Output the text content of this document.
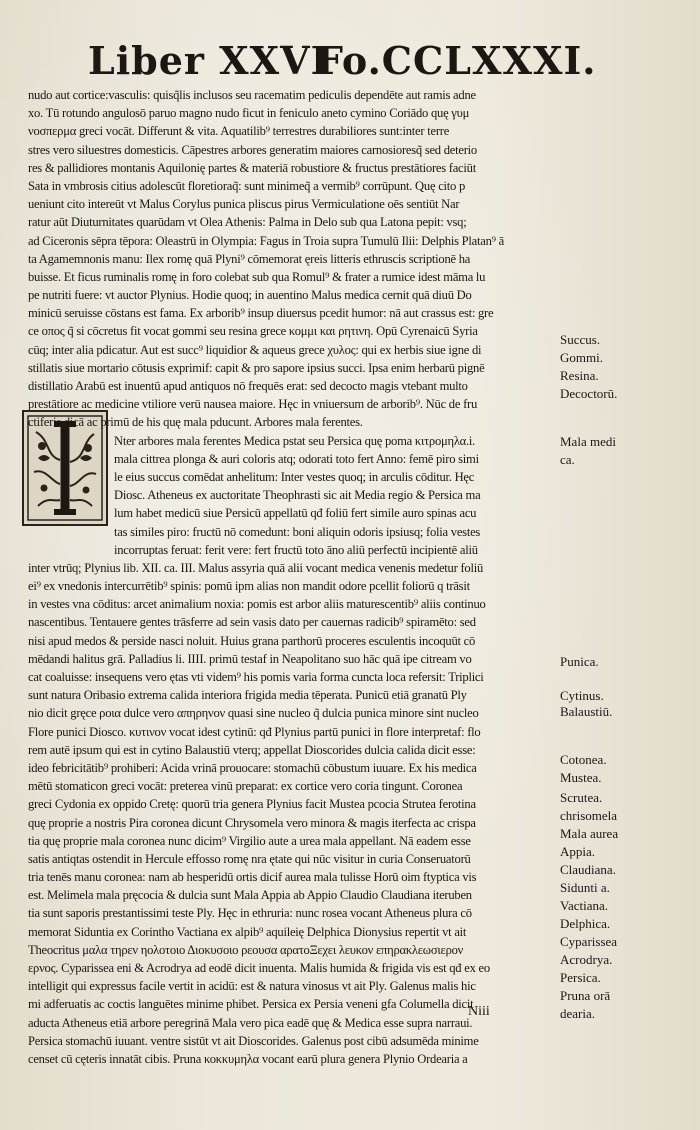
Liber XXVI
Fo.CCLXXXI.
nudo aut cortice:vasculis: quisq̃lis inclusos seu racematim pediculis dependēte aut ramis adne
xo. Tū rotundo angulosō paruo magno nudo ficut in feniculo aneto cymino Coriādo quę γυμ
νοσπερμα greci vocāt. Differunt & vita. Aquatilib⁹ terrestres durabiliores sunt:inter terre
stres vero siluestres domesticis. Cāpestres arbores generatim maiores carnosioresq̃ sed deterio
res & pallidiores montanis Aquilonię partes & materiā robustiore & fructus prestātiores faciūt
Sata in vmbrosis citius adolescūt floretioraq̃: sunt minimeq̃ a vermib⁹ corrūpunt. Quę cito p
ueniunt cito intereūt vt Malus Corylus punica pliscus pirus Vermiculatione oēs sentiūt Nar
ratur aūt Diuturnitates quarūdam vt Olea Athenis: Palma in Delo sub qua Latona pepit: vsq;
ad Ciceronis sēpra tēpora: Oleastrū in Olympia: Fagus in Troia supra Tumulū Ilii: Delphis Platan⁹ ā
ta Agamemnonis manu: Ilex romę quā Plyni⁹ cōmemorat ęreis litteris ethruscis scriptionē ha
buisse. Et ficus ruminalis romę in foro colebat sub qua Romul⁹ & frater a rumice idest māma lu
pe nutriti fuere: vt auctor Plynius. Hodie quoq; in auentino Malus medica cernit quā diuū Do
minicū seruisse cōstans est fama. Ex arborib⁹ insup diuersus pcedit humor: nā aut crassus est: gre
ce οπος q̃ si cōcretus fit vocat gommi seu resina grece κομμι και ρητινη. Opū Cyrenaicū Syria
cūq; inter alia pdicatur. Aut est succ⁹ liquidior & aqueus grece χυλος: qui ex herbis siue igne di
stillatis siue mortario cōtusis exprimif: capit & pro sapore ipsius succi. Ipsa enim herbarū pignē
distillatio Arabū est inuentū apud antiquos nō frequēs erat: sed decocto magis vtebant multo
prestātiore ac medicine vtiliore verū nausea maiore. Hęc in vniuersum de arborib⁹. Nūc de fru
ctiferis dicā ac primū de his quę mala pducunt. Arbores mala ferentes.
Nter arbores mala ferentes Medica pstat seu Persica quę poma κιτρομηλα.i.
mala cittrea plonga & auri coloris atq; odorati toto fert Anno: femē piro simi
le eius succus comēdat anhelitum: Inter vestes quoq; in arculis cōditur. Hęc
Diosc. Atheneus ex auctoritate Theophrasti sic ait Media regio & Persica ma
lum habet medicū siue Persicū appellatū qđ foliū fert simile auro spinas acu
tas similes piro: fructū nō comedunt: boni aliquin odoris ipsiusq; folia vestes
incorruptas feruat: ferit vere: fert fructū toto āno aliū perfectū incipientē aliū
inter vtrūq; Plynius lib. XII. ca. III. Malus assyria quā alii vocant medica venenis medetur foliū
ei⁹ ex vnedonis intercurrētib⁹ spinis: pomū ipm alias non mandit odore pcellit foliorū q trāsit
in vestes vna cōditus: arcet animalium noxia: pomis est arbor aliis maturescentib⁹ aliis continuo
nascentibus. Tentauere gentes trāsferre ad sein vasis dato per cauernas radicib⁹ spiramēto: sed
nisi apud medos & perside nasci noluit. Huius grana parthorū proceres esculentis incoquūt cō
mēdandi halitus grā. Palladius li. IIII. primū testaf in Neapolitano suo hāc quā ipe citream vo
cat coaluisse: insequens vero ętas vti videm⁹ his pomis varia forma cuncta loca refersit: Triplici
sunt natura Oribasio extrema calida interiora frigida media tēperata. Punicū etiā granatū Ply
nio dicit gręce ροια dulce vero απηρηνον quasi sine nucleo q̃ dulcia punica minore sint nucleo
Flore punici Diosco. κυτινον vocat idest cytinū: qđ Plynius partū punici in flore interpretaf: flo
rem autē ipsum qui est in cytino Balaustiū vterq; appellat Dioscorides dulcia calida dicit esse:
ideo febricitātib⁹ prohiberi: Acida vrinā prouocare: stomachū cōbustum iuuare. Ex his medica
mētū stomaticon greci vocāt: preterea vinū preparat: ex cortice vero coria tingunt. Coronea
greci Cydonia ex oppido Cretę: quorū tria genera Plynius facit Mustea pcocia Strutea ferotina
quę proprie a nostris Pira coronea dicunt Chrysomela vero minora & magis iterfecta ac crispa
tia quę proprie mala coronea nunc dicim⁹ Virgilio aute a urea mala appellant. Nā eadem esse
satis antiqtas ostendit in Hercule effosso romę nra ętate qui nūc visitur in curia Conseruatorū
tria tenēs manu coronea: nam ab hesperidū ortis dicif aurea mala tulisse Horū oim ftyptica vis
est. Melimela mala pręcocia & dulcia sunt Mala Appia ab Appio Claudio Claudiana iteruben
tia sunt saporis prestantissimi teste Ply. Hęc in ethruria: nunc rosea vocant Atheneus plura cō
memorat Siduntia ex Corintho Vactiana ex alpib⁹ aquileię Delphica Dionysius repertit vt ait
Theocritus μαλα τηρεν ηολοτοιο Διοκυσοιο ρεουσα αρατοΞεχει λευκον επηρακλεωσιερον
ερνος. Cyparissea eni & Acrodrya ad eodē dicit inuenta. Malis humida & frigida vis est qđ ex eo
intelligit qui expressus facile vertit in acidū: est & natura vinosus vt ait Ply. Galenus malis hic
mi adferuatis ac coctis languētes minime phibet. Persica ex Persia veneni gfa Columella dicit
aducta Atheneus etiā arbore peregrinā Mala vero pica eadē quę & Medica esse supra narraui.
Persica stomachū iuuant. ventre sistūt vt ait Dioscorides. Galenus post cibū adsumēda minime
censet cū cęteris innatāt cibis. Pruna κοκκυμηλα vocant earū plura genera Plynio Ordearia a
Succus.
Gommi.
Resina.
Decoctorū.
Mala medi
ca.
Punica.
Cytinus.
Balaustiū.
Cotonea.
Mustea.
Scrutea.
chrisomela
Mala aurea
Appia.
Claudiana.
Sidunti a.
Vactiana.
Delphica.
Cyparissea
Acrodrya.
Persica.
Pruna orā
dearia.
Niii
